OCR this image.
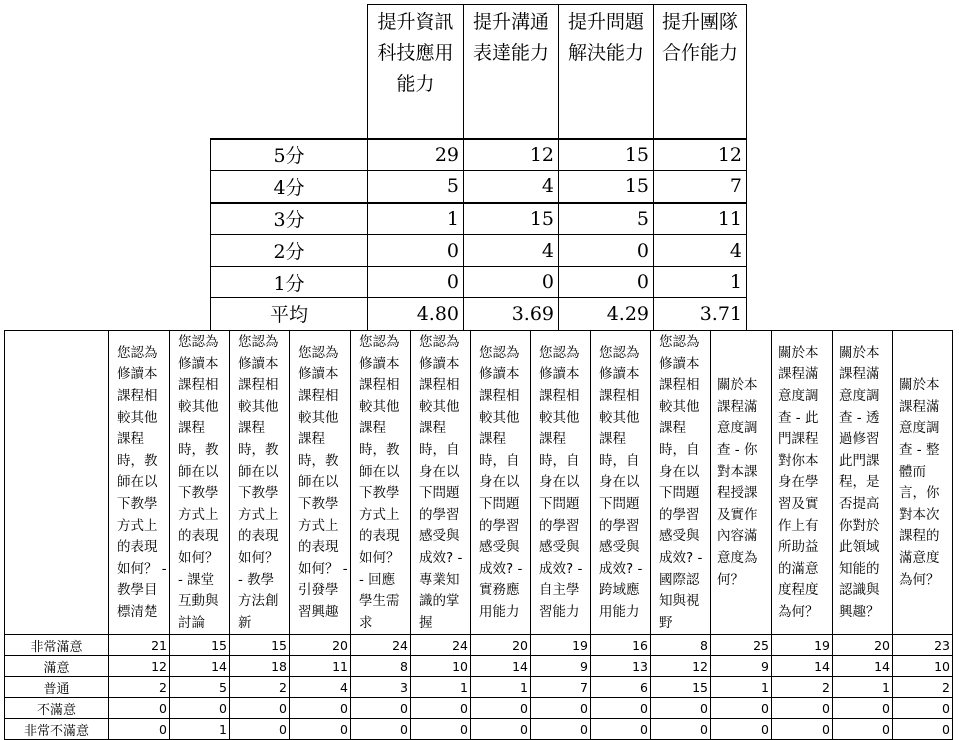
	提升資訊科技應用能力	提升溝通表達能力	提升問題解決能力	提升團隊合作能力
5分	29	12	15	12
4分	5	4	15	7
3分	1	15	5	11
2分	0	4	0	4
1分	0	0	0	1
平均	4.80	3.69	4.29	3.71
	您認為修讀本課程相較其他課程時，教師在以下教學方式上的表現如何？ - 教學目標清楚	您認為修讀本課程相較其他課程時，教師在以下教學方式上的表現如何？ - 課堂互動與討論	您認為修讀本課程相較其他課程時，教師在以下教學方式上的表現如何？ - 教學方法創新	您認為修讀本課程相較其他課程時，教師在以下教學方式上的表現如何？ - 引發學習興趣	您認為修讀本課程相較其他課程時，教師在以下教學方式上的表現如何？ - 回應學生需求	您認為修讀本課程相較其他課程時，自身在以下問題的學習感受與成效? - 專業知識的掌握	您認為修讀本課程相較其他課程時，自身在以下問題的學習感受與成效? - 實務應用能力	您認為修讀本課程相較其他課程時，自身在以下問題的學習感受與成效? - 自主學習能力	您認為修讀本課程相較其他課程時，自身在以下問題的學習感受與成效? - 跨域應用能力	您認為修讀本課程相較其他課程時，自身在以下問題的學習感受與成效? - 國際認知與視野	關於本課程滿意度調查 - 你對本課程授課及實作內容滿意度為何？	關於本課程滿意度調查 - 此門課程對你本身在學習及實作上有所助益的滿意度程度為何？	關於本課程滿意度調查 - 透過修習此門課程，是否提高你對於此領域知能的認識與興趣？	關於本課程滿意度調查 - 整體而言，你對本次課程的滿意度為何？
非常滿意	21	15	15	20	24	24	20	19	16	8	25	19	20	23
滿意	12	14	18	11	8	10	14	9	13	12	9	14	14	10
普通	2	5	2	4	3	1	1	7	6	15	1	2	1	2
不滿意	0	0	0	0	0	0	0	0	0	0	0	0	0	0
非常不滿意	0	1	0	0	0	0	0	0	0	0	0	0	0	0
